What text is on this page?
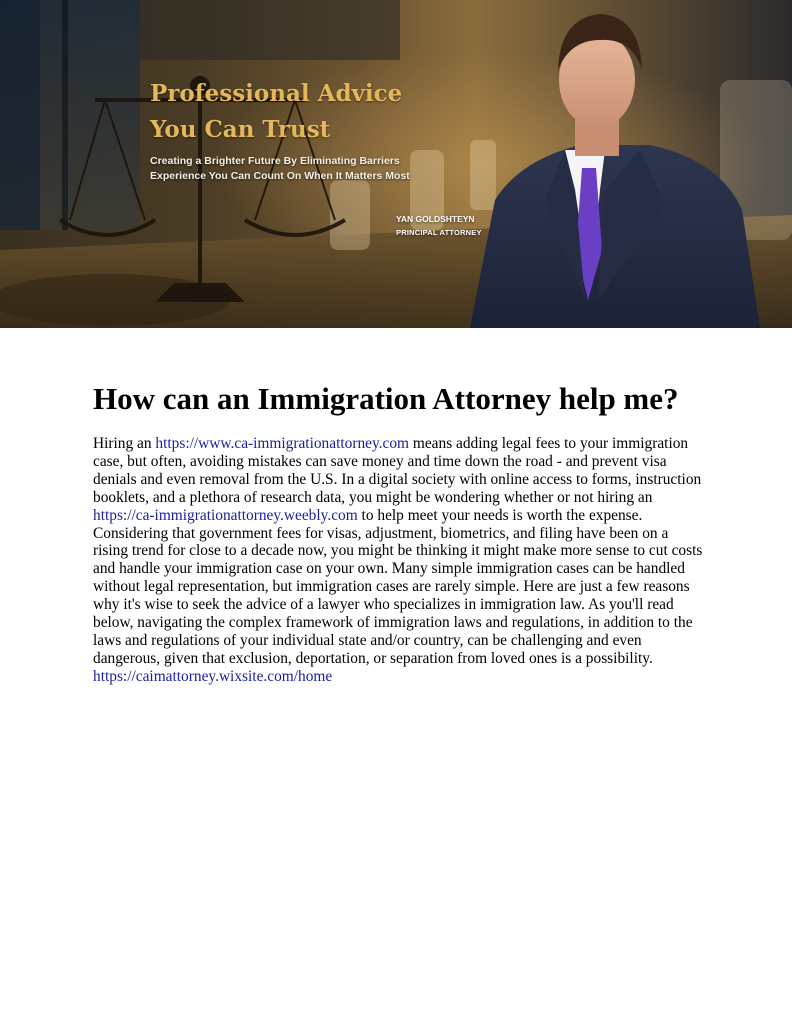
Professional Advice
You Can Trust
Creating a Brighter Future By Eliminating Barriers
Experience You Can Count On When It Matters Most
YAN GOLDSHTEYN
PRINCIPAL ATTORNEY
How can an Immigration Attorney help me?

Hiring an https://www.ca-immigrationattorney.com means adding legal fees to your immigration case, but often, avoiding mistakes can save money and time down the road - and prevent visa denials and even removal from the U.S. In a digital society with online access to forms, instruction booklets, and a plethora of research data, you might be wondering whether or not hiring an https://ca-immigrationattorney.weebly.com to help meet your needs is worth the expense. Considering that government fees for visas, adjustment, biometrics, and filing have been on a rising trend for close to a decade now, you might be thinking it might make more sense to cut costs and handle your immigration case on your own. Many simple immigration cases can be handled without legal representation, but immigration cases are rarely simple. Here are just a few reasons why it's wise to seek the advice of a lawyer who specializes in immigration law. As you'll read below, navigating the complex framework of immigration laws and regulations, in addition to the laws and regulations of your individual state and/or country, can be challenging and even dangerous, given that exclusion, deportation, or separation from loved ones is a possibility. https://caimattorney.wixsite.com/home
